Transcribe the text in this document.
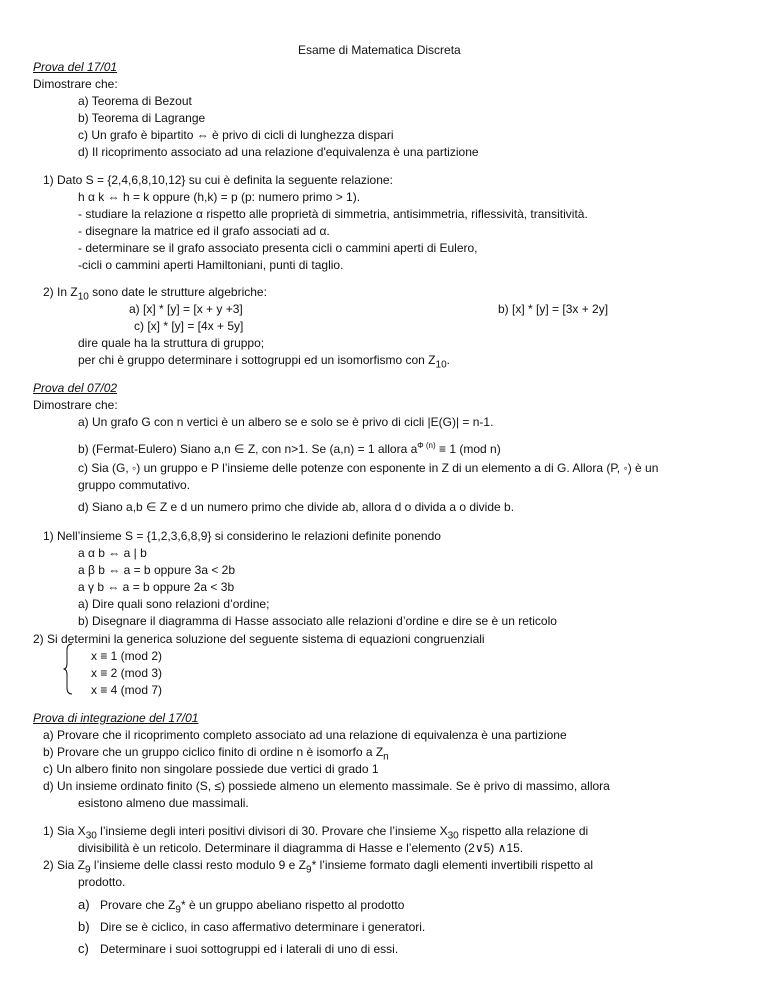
Esame di Matematica Discreta
Prova del 17/01
Dimostrare che:
a) Teorema di Bezout
b) Teorema di Lagrange
c) Un grafo è bipartito ⇔ è privo di cicli di lunghezza dispari
d) Il ricoprimento associato ad una relazione d'equivalenza è una partizione
1) Dato S = {2,4,6,8,10,12} su cui è definita la seguente relazione:
h α k ⇔ h = k oppure (h,k) = p (p: numero primo > 1).
- studiare la relazione α rispetto alle proprietà di simmetria, antisimmetria, riflessività, transitività.
- disegnare la matrice ed il grafo associati ad α.
- determinare se il grafo associato presenta cicli o cammini aperti di Eulero,
-cicli o cammini aperti Hamiltoniani, punti di taglio.
2) In $Z_{10}$ sono date le strutture algebriche:
a) [x] * [y] = [x + y +3]	b) [x] * [y] = [3x + 2y]
c) [x] * [y] = [4x + 5y]
dire quale ha la struttura di gruppo;
per chi è gruppo determinare i sottogruppi ed un isomorfismo con $Z_{10}$.
Prova del 07/02
Dimostrare che:
a) Un grafo G con n vertici è un albero se e solo se è privo di cicli |E(G)| = n-1.
b) (Fermat-Eulero) Siano a,n ∈ Z, con n>1. Se (a,n) = 1 allora $a^{\Phi (n)} \equiv 1$ (mod n)
c) Sia (G, ◦) un gruppo e P l’insieme delle potenze con esponente in Z di un elemento a di G. Allora (P, ◦) è un
gruppo commutativo.
d) Siano a,b ∈ Z e d un numero primo che divide ab, allora d o divida a o divide b.
1) Nell’insieme S = {1,2,3,6,8,9} si considerino le relazioni definite ponendo
a α b ⇔ a | b
a β b ⇔ a = b oppure 3a < 2b
a γ b ⇔ a = b oppure 2a < 3b
a) Dire quali sono relazioni d’ordine;
b) Disegnare il diagramma di Hasse associato alle relazioni d’ordine e dire se è un reticolo
2) Si determini la generica soluzione del seguente sistema di equazioni congruenziali
x ≡ 1 (mod 2)
x ≡ 2 (mod 3)
x ≡ 4 (mod 7)
Prova di integrazione del 17/01
a) Provare che il ricoprimento completo associato ad una relazione di equivalenza è una partizione
b) Provare che un gruppo ciclico finito di ordine n è isomorfo a $Z_n$
c) Un albero finito non singolare possiede due vertici di grado 1
d) Un insieme ordinato finito (S, ≤) possiede almeno un elemento massimale. Se è privo di massimo, allora
esistono almeno due massimali.
1) Sia $X_{30}$ l’insieme degli interi positivi divisori di 30. Provare che l’insieme $X_{30}$ rispetto alla relazione di
divisibilità è un reticolo. Determinare il diagramma di Hasse e l’elemento (2∨5) ∧15.
2) Sia $Z_9$ l’insieme delle classi resto modulo 9 e $Z_9*$ l’insieme formato dagli elementi invertibili rispetto al
prodotto.
a) Provare che $Z_9*$ è un gruppo abeliano rispetto al prodotto
b) Dire se è ciclico, in caso affermativo determinare i generatori.
c) Determinare i suoi sottogruppi ed i laterali di uno di essi.
